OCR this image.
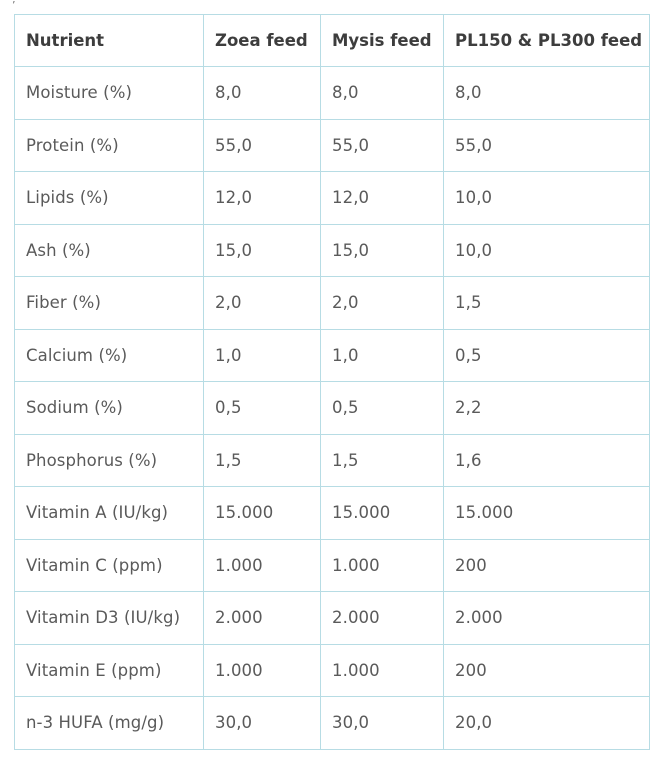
’
Nutrient	Zoea feed	Mysis feed	PL150 & PL300 feed
Moisture (%)	8,0	8,0	8,0
Protein (%)	55,0	55,0	55,0
Lipids (%)	12,0	12,0	10,0
Ash (%)	15,0	15,0	10,0
Fiber (%)	2,0	2,0	1,5
Calcium (%)	1,0	1,0	0,5
Sodium (%)	0,5	0,5	2,2
Phosphorus (%)	1,5	1,5	1,6
Vitamin A (IU/kg)	15.000	15.000	15.000
Vitamin C (ppm)	1.000	1.000	200
Vitamin D3 (IU/kg)	2.000	2.000	2.000
Vitamin E (ppm)	1.000	1.000	200
n-3 HUFA (mg/g)	30,0	30,0	20,0
